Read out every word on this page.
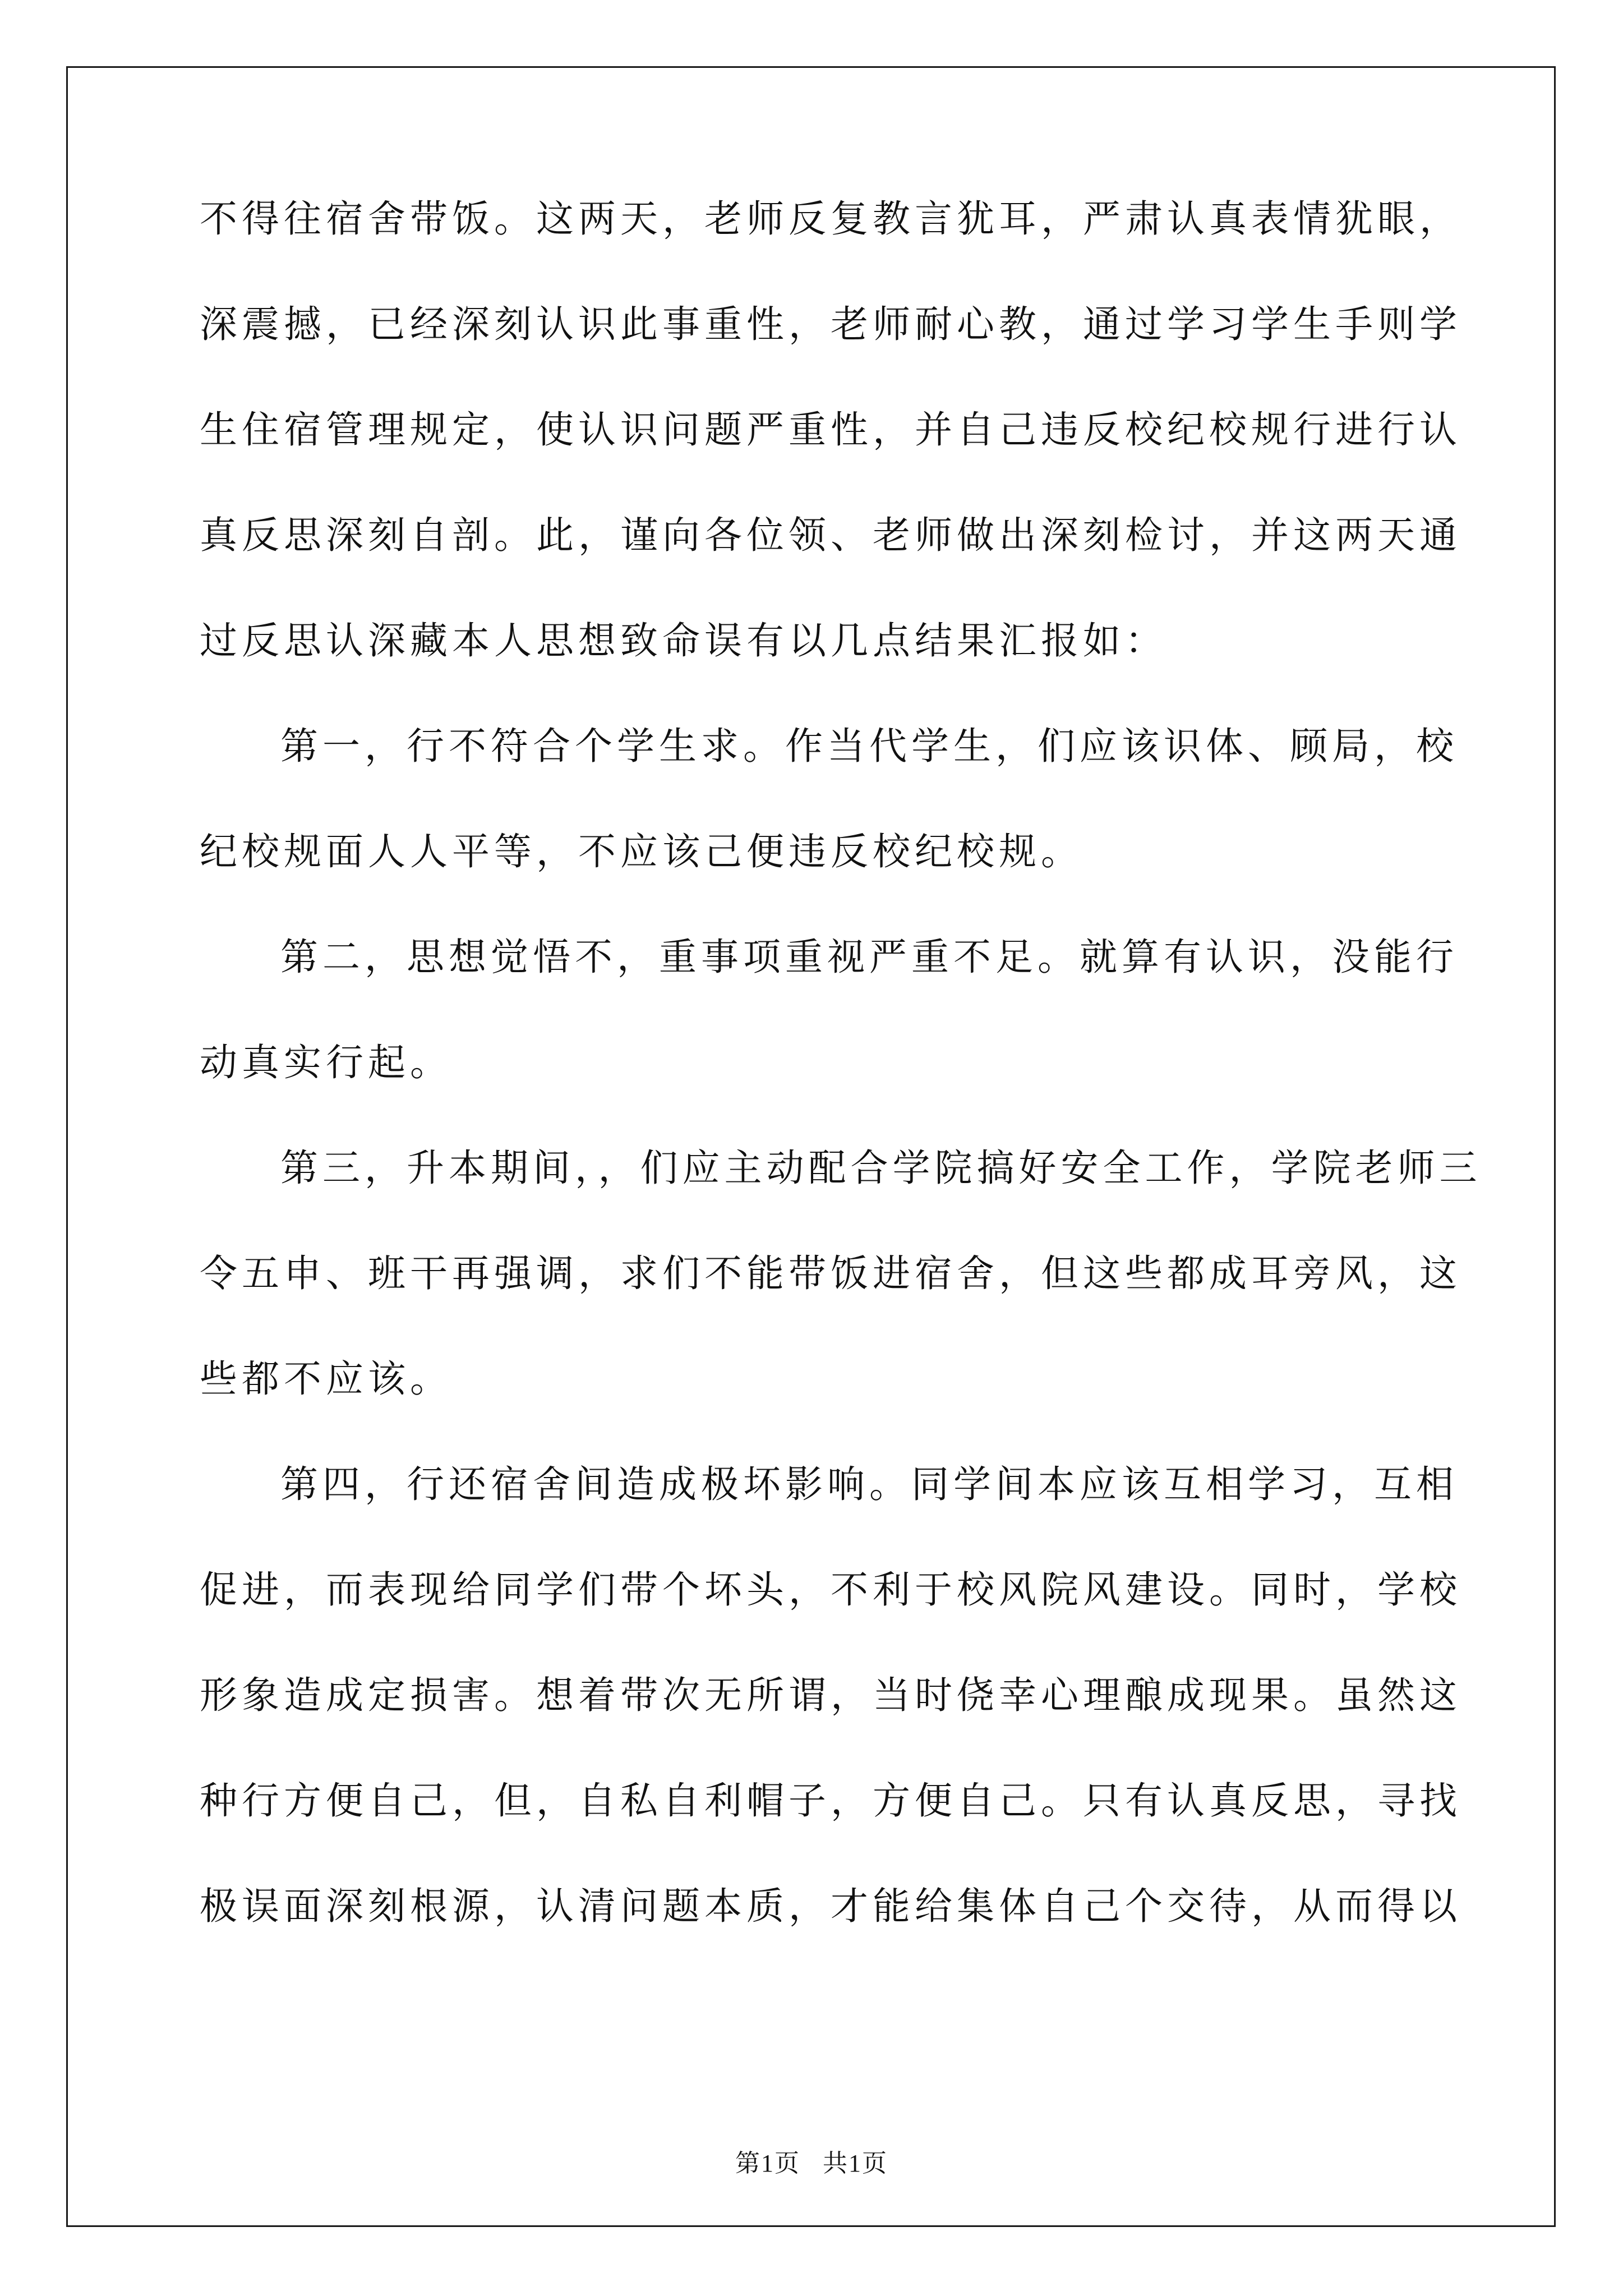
不得往宿舍带饭。这两天，老师反复教言犹耳，严肃认真表情犹眼，

深震撼，已经深刻认识此事重性，老师耐心教，通过学习学生手则学

生住宿管理规定，使认识问题严重性，并自己违反校纪校规行进行认

真反思深刻自剖。此，谨向各位领、老师做出深刻检讨，并这两天通

过反思认深藏本人思想致命误有以几点结果汇报如：

第一，行不符合个学生求。作当代学生，们应该识体、顾局，校

纪校规面人人平等，不应该己便违反校纪校规。

第二，思想觉悟不，重事项重视严重不足。就算有认识，没能行

动真实行起。

第三，升本期间，，们应主动配合学院搞好安全工作，学院老师三

令五申、班干再强调，求们不能带饭进宿舍，但这些都成耳旁风，这

些都不应该。

第四，行还宿舍间造成极坏影响。同学间本应该互相学习，互相

促进，而表现给同学们带个坏头，不利于校风院风建设。同时，学校

形象造成定损害。想着带次无所谓，当时侥幸心理酿成现果。虽然这

种行方便自己，但，自私自利帽子，方便自己。只有认真反思，寻找

极误面深刻根源，认清问题本质，才能给集体自己个交待，从而得以

第1页 共1页
